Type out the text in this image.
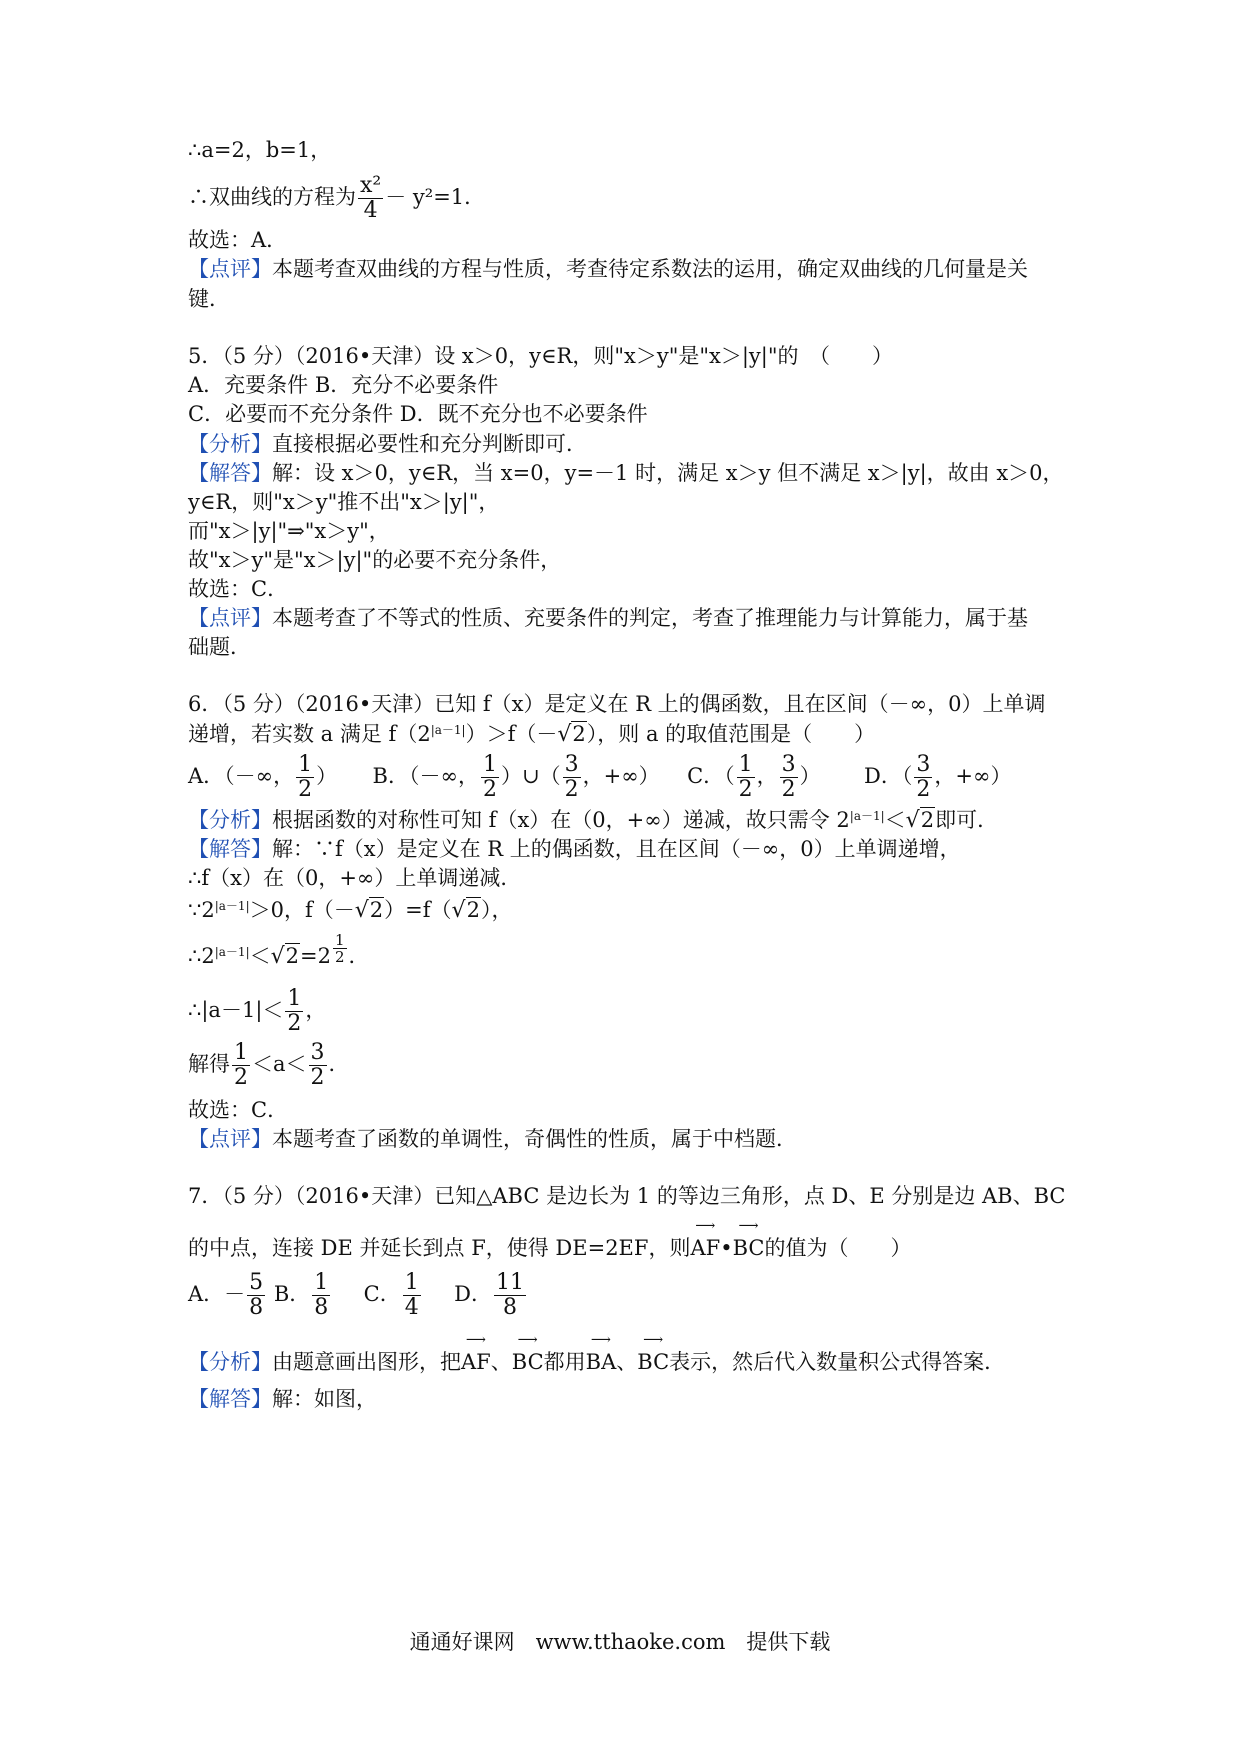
∴a=2，b=1，
∴双曲线的方程为 $\frac{\text{x²}}{4} - y^2=1$．
故选：A．
【点评】本题考查双曲线的方程与性质，考查待定系数法的运用，确定双曲线的几何量是关
键．
5．（5 分）（2016•天津）设 x＞0，y∈R，则"x＞y"是"x＞|y|"的　（　　）
A．充要条件 B．充分不必要条件
C．必要而不充分条件 D．既不充分也不必要条件
【分析】直接根据必要性和充分判断即可．
【解答】解：设 x＞0，y∈R，当 x=0，y=－1 时，满足 x＞y 但不满足 x＞|y|，故由 x＞0，
y∈R，则"x＞y"推不出"x＞|y|"，
而"x＞|y|"⇒"x＞y"，
故"x＞y"是"x＞|y|"的必要不充分条件，
故选：C．
【点评】本题考查了不等式的性质、充要条件的判定，考查了推理能力与计算能力，属于基
础题．
6．（5 分）（2016•天津）已知 f（x）是定义在 R 上的偶函数，且在区间（－∞，0）上单调
递增，若实数 a 满足 $f(2^{|a-1|})>f(-√2)$，则 a 的取值范围是（　　）
A．（－∞， $\frac{1}{2}$ ） B．（－∞， $\frac{1}{2}$ ）∪（ $\frac{3}{2}$ ，+∞） C．（ $\frac{1}{2}$ ， $\frac{3}{2}$ ） D．（ $\frac{3}{2}$ ，+∞）
【分析】根据函数的对称性可知 f（x）在（0，+∞）递减，故只需令 $2^{|a-1|}<√2$即可．
【解答】解：∵f（x）是定义在 R 上的偶函数，且在区间（－∞，0）上单调递增，
∴f（x）在（0，+∞）上单调递减．
$\because 2^{|a-1|}>0$，f（－√2）=f（√2），
$\therefore 2^{|a-1|}<√2=2 \frac{1}{2}$ ．
∴|a－1|＜ $\frac{1}{2}$ ，
解得 $\frac{1}{2} <a< \frac{3}{2}$ ．
故选：C．
【点评】本题考查了函数的单调性，奇偶性的性质，属于中档题．
7．（5 分）（2016•天津）已知△ABC 是边长为 1 的等边三角形，点 D、E 分别是边 AB、BC
的中点，连接 DE 并延长到点 F，使得 DE=2EF，则
⟶
AF•
⟶
BC的值为（　　）
A．－ $\frac{5}{8}$ B． $\frac{1}{8}$ C． $\frac{1}{4}$ D． $\frac{11}{8}$
【分析】由题意画出图形，把
⟶
AF、
⟶
BC都用
⟶
BA、
⟶
BC表示，然后代入数量积公式得答案．
【解答】解：如图，
通通好课网　www.tthaoke.com　提供下载
